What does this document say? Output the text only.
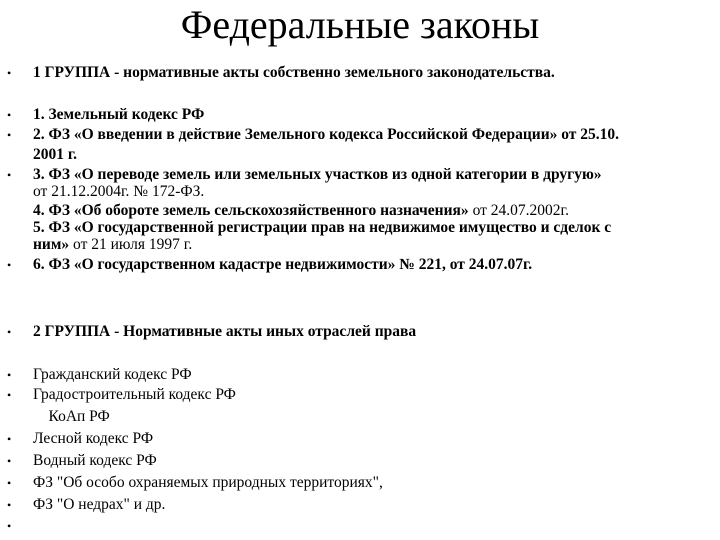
Федеральные законы
• 1 ГРУППА - нормативные акты собственно земельного законодательства.
• 1. Земельный кодекс РФ
• 2. ФЗ «О введении в действие Земельного кодекса Российской Федерации» от 25.10.
2001 г.
• 3. ФЗ «О переводе земель или земельных участков из одной категории в другую»
от 21.12.2004г. № 172-ФЗ.
4. ФЗ «Об обороте земель сельскохозяйственного назначения» от 24.07.2002г.
5. ФЗ «О государственной регистрации прав на недвижимое имущество и сделок с
ним» от 21 июля 1997 г.
• 6. ФЗ «О государственном кадастре недвижимости» № 221, от 24.07.07г.
• 2 ГРУППА - Нормативные акты иных отраслей права
• Гражданский кодекс РФ
• Градостроительный кодекс РФ
КоАп РФ
• Лесной кодекс РФ
• Водный кодекс РФ
• ФЗ "Об особо охраняемых природных территориях",
• ФЗ "О недрах" и др.
•
